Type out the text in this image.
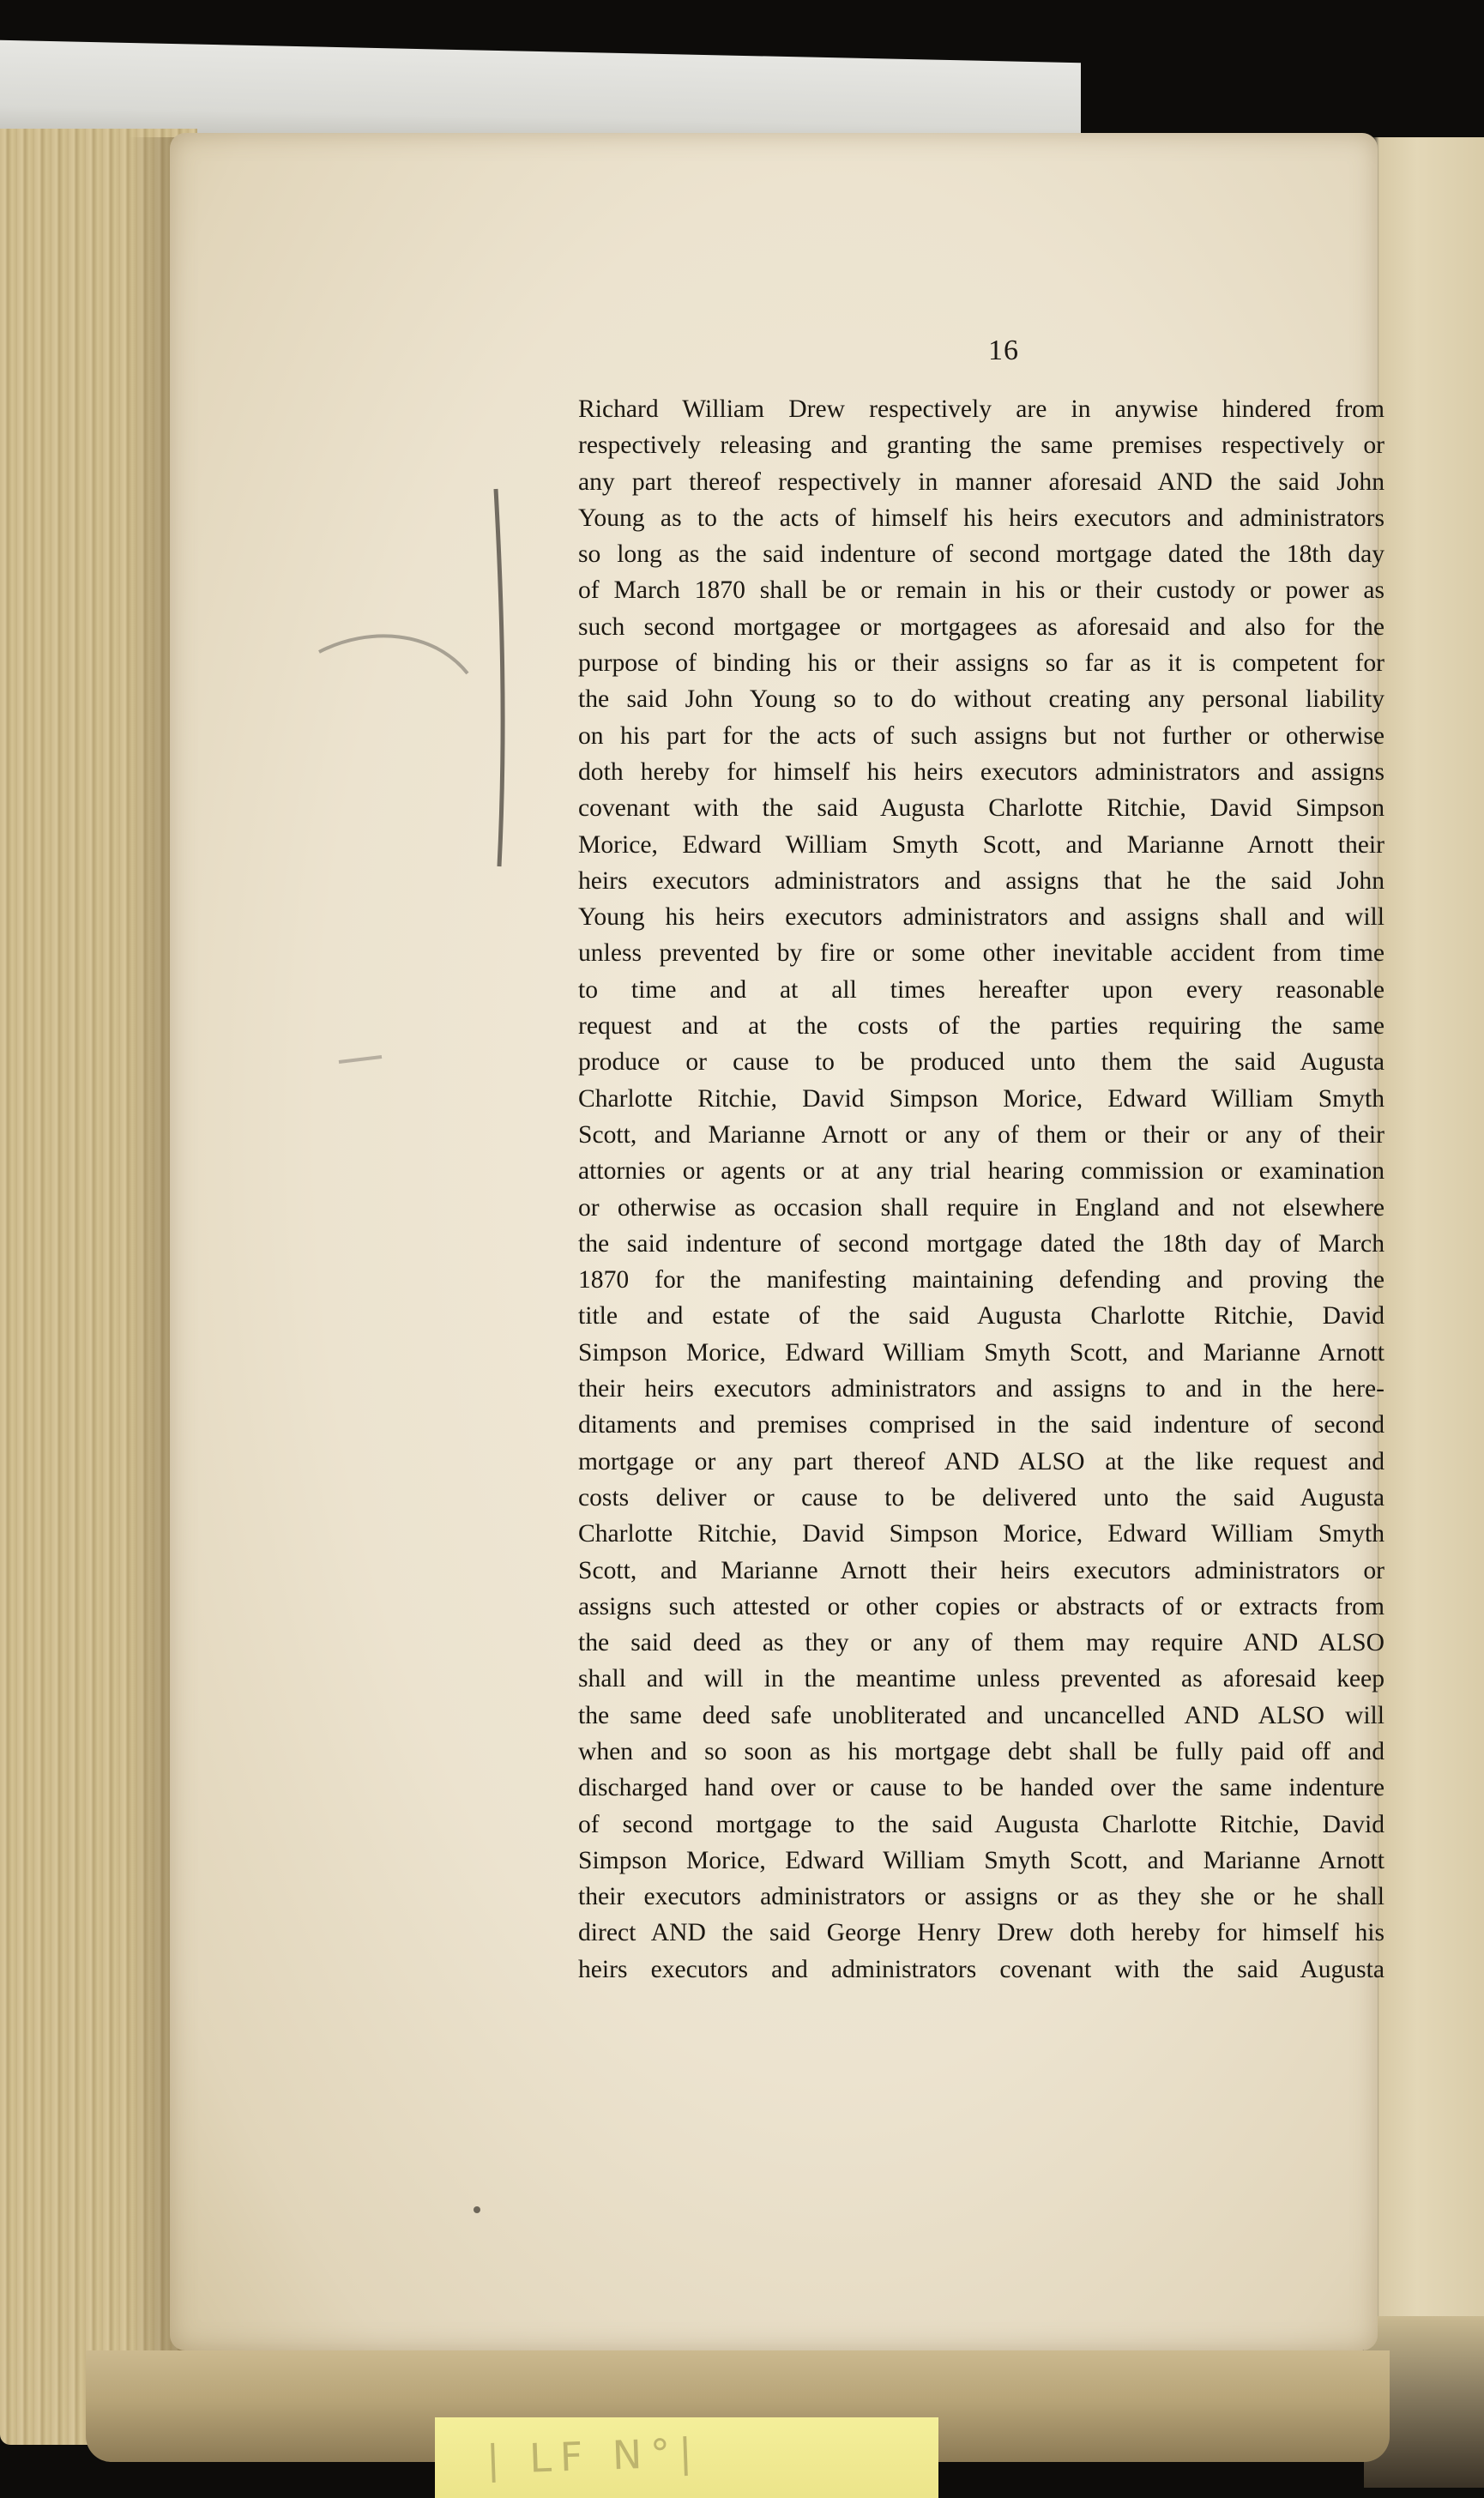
16
Richard William Drew respectively are in anywise hindered from
respectively releasing and granting the same premises respectively or
any part thereof respectively in manner aforesaid AND the said John
Young as to the acts of himself his heirs executors and administrators
so long as the said indenture of second mortgage dated the 18th day
of March 1870 shall be or remain in his or their custody or power as
such second mortgagee or mortgagees as aforesaid and also for the
purpose of binding his or their assigns so far as it is competent for
the said John Young so to do without creating any personal liability
on his part for the acts of such assigns but not further or otherwise
doth hereby for himself his heirs executors administrators and assigns
covenant with the said Augusta Charlotte Ritchie, David Simpson
Morice, Edward William Smyth Scott, and Marianne Arnott their
heirs executors administrators and assigns that he the said John
Young his heirs executors administrators and assigns shall and will
unless prevented by fire or some other inevitable accident from time
to time and at all times hereafter upon every reasonable
request and at the costs of the parties requiring the same
produce or cause to be produced unto them the said Augusta
Charlotte Ritchie, David Simpson Morice, Edward William Smyth
Scott, and Marianne Arnott or any of them or their or any of their
attornies or agents or at any trial hearing commission or examination
or otherwise as occasion shall require in England and not elsewhere
the said indenture of second mortgage dated the 18th day of March
1870 for the manifesting maintaining defending and proving the
title and estate of the said Augusta Charlotte Ritchie, David
Simpson Morice, Edward William Smyth Scott, and Marianne Arnott
their heirs executors administrators and assigns to and in the here-
ditaments and premises comprised in the said indenture of second
mortgage or any part thereof AND ALSO at the like request and
costs deliver or cause to be delivered unto the said Augusta
Charlotte Ritchie, David Simpson Morice, Edward William Smyth
Scott, and Marianne Arnott their heirs executors administrators or
assigns such attested or other copies or abstracts of or extracts from
the said deed as they or any of them may require AND ALSO
shall and will in the meantime unless prevented as aforesaid keep
the same deed safe unobliterated and uncancelled AND ALSO will
when and so soon as his mortgage debt shall be fully paid off and
discharged hand over or cause to be handed over the same indenture
of second mortgage to the said Augusta Charlotte Ritchie, David
Simpson Morice, Edward William Smyth Scott, and Marianne Arnott
their executors administrators or assigns or as they she or he shall
direct AND the said George Henry Drew doth hereby for himself his
heirs executors and administrators covenant with the said Augusta
| LF N°|
